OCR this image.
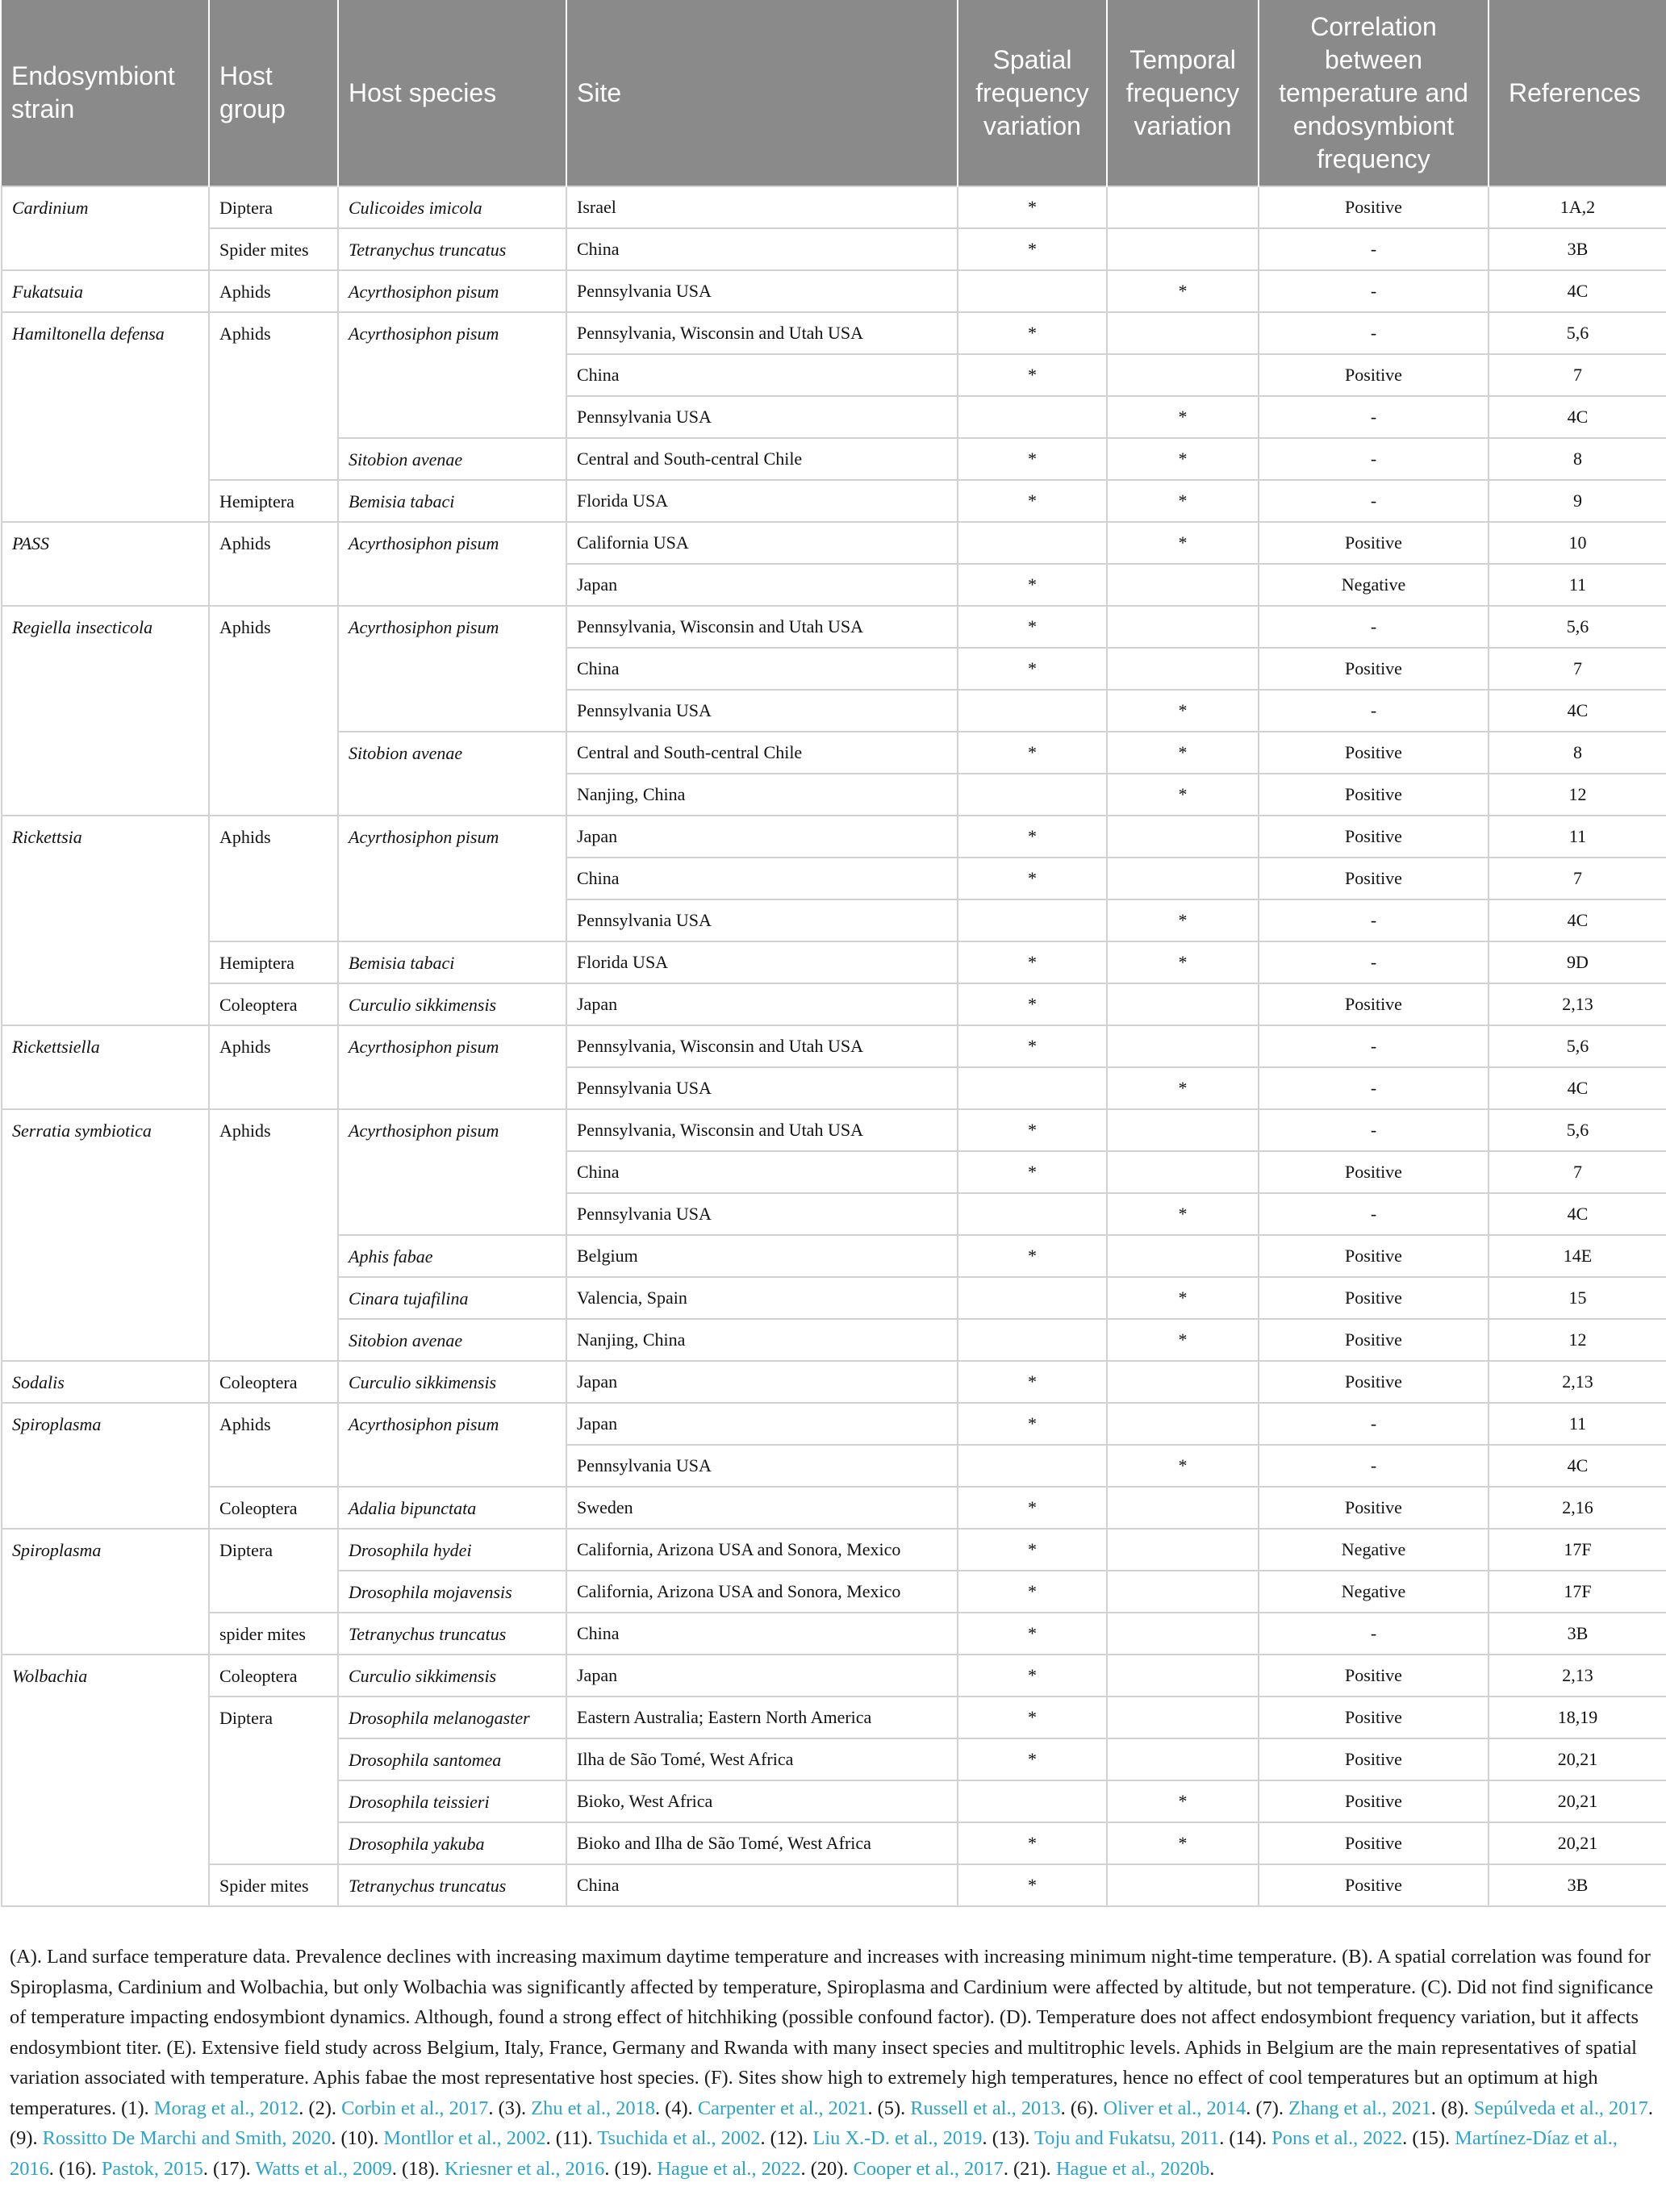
Endosymbiont strain	Host group	Host species	Site	Spatial frequency variation	Temporal frequency variation	Correlation between temperature and endosymbiont frequency	References
Cardinium	Diptera	Culicoides imicola	Israel	*		Positive	1A,2
	Spider mites	Tetranychus truncatus	China	*		-	3B
Fukatsuia	Aphids	Acyrthosiphon pisum	Pennsylvania USA		*	-	4C
Hamiltonella defensa	Aphids	Acyrthosiphon pisum	Pennsylvania, Wisconsin and Utah USA	*		-	5,6
			China	*		Positive	7
			Pennsylvania USA		*	-	4C
		Sitobion avenae	Central and South-central Chile	*	*	-	8
	Hemiptera	Bemisia tabaci	Florida USA	*	*	-	9
PASS	Aphids	Acyrthosiphon pisum	California USA		*	Positive	10
			Japan	*		Negative	11
Regiella insecticola	Aphids	Acyrthosiphon pisum	Pennsylvania, Wisconsin and Utah USA	*		-	5,6
			China	*		Positive	7
			Pennsylvania USA		*	-	4C
		Sitobion avenae	Central and South-central Chile	*	*	Positive	8
			Nanjing, China		*	Positive	12
Rickettsia	Aphids	Acyrthosiphon pisum	Japan	*		Positive	11
			China	*		Positive	7
			Pennsylvania USA		*	-	4C
	Hemiptera	Bemisia tabaci	Florida USA	*	*	-	9D
	Coleoptera	Curculio sikkimensis	Japan	*		Positive	2,13
Rickettsiella	Aphids	Acyrthosiphon pisum	Pennsylvania, Wisconsin and Utah USA	*		-	5,6
			Pennsylvania USA		*	-	4C
Serratia symbiotica	Aphids	Acyrthosiphon pisum	Pennsylvania, Wisconsin and Utah USA	*		-	5,6
			China	*		Positive	7
			Pennsylvania USA		*	-	4C
		Aphis fabae	Belgium	*		Positive	14E
		Cinara tujafilina	Valencia, Spain		*	Positive	15
		Sitobion avenae	Nanjing, China		*	Positive	12
Sodalis	Coleoptera	Curculio sikkimensis	Japan	*		Positive	2,13
Spiroplasma	Aphids	Acyrthosiphon pisum	Japan	*		-	11
			Pennsylvania USA		*	-	4C
	Coleoptera	Adalia bipunctata	Sweden	*		Positive	2,16
Spiroplasma	Diptera	Drosophila hydei	California, Arizona USA and Sonora, Mexico	*		Negative	17F
		Drosophila mojavensis	California, Arizona USA and Sonora, Mexico	*		Negative	17F
	spider mites	Tetranychus truncatus	China	*		-	3B
Wolbachia	Coleoptera	Curculio sikkimensis	Japan	*		Positive	2,13
	Diptera	Drosophila melanogaster	Eastern Australia; Eastern North America	*		Positive	18,19
		Drosophila santomea	Ilha de São Tomé, West Africa	*		Positive	20,21
		Drosophila teissieri	Bioko, West Africa		*	Positive	20,21
		Drosophila yakuba	Bioko and Ilha de São Tomé, West Africa	*	*	Positive	20,21
	Spider mites	Tetranychus truncatus	China	*		Positive	3B
(A). Land surface temperature data. Prevalence declines with increasing maximum daytime temperature and increases with increasing minimum night-time temperature. (B). A spatial correlation was found for Spiroplasma, Cardinium and Wolbachia, but only Wolbachia was significantly affected by temperature, Spiroplasma and Cardinium were affected by altitude, but not temperature. (C). Did not find significance of temperature impacting endosymbiont dynamics. Although, found a strong effect of hitchhiking (possible confound factor). (D). Temperature does not affect endosymbiont frequency variation, but it affects endosymbiont titer. (E). Extensive field study across Belgium, Italy, France, Germany and Rwanda with many insect species and multitrophic levels. Aphids in Belgium are the main representatives of spatial variation associated with temperature. Aphis fabae the most representative host species. (F). Sites show high to extremely high temperatures, hence no effect of cool temperatures but an optimum at high temperatures. (1). Morag et al., 2012. (2). Corbin et al., 2017. (3). Zhu et al., 2018. (4). Carpenter et al., 2021. (5). Russell et al., 2013. (6). Oliver et al., 2014. (7). Zhang et al., 2021. (8). Sepúlveda et al., 2017. (9). Rossitto De Marchi and Smith, 2020. (10). Montllor et al., 2002. (11). Tsuchida et al., 2002. (12). Liu X.-D. et al., 2019. (13). Toju and Fukatsu, 2011. (14). Pons et al., 2022. (15). Martínez-Díaz et al., 2016. (16). Pastok, 2015. (17). Watts et al., 2009. (18). Kriesner et al., 2016. (19). Hague et al., 2022. (20). Cooper et al., 2017. (21). Hague et al., 2020b.
